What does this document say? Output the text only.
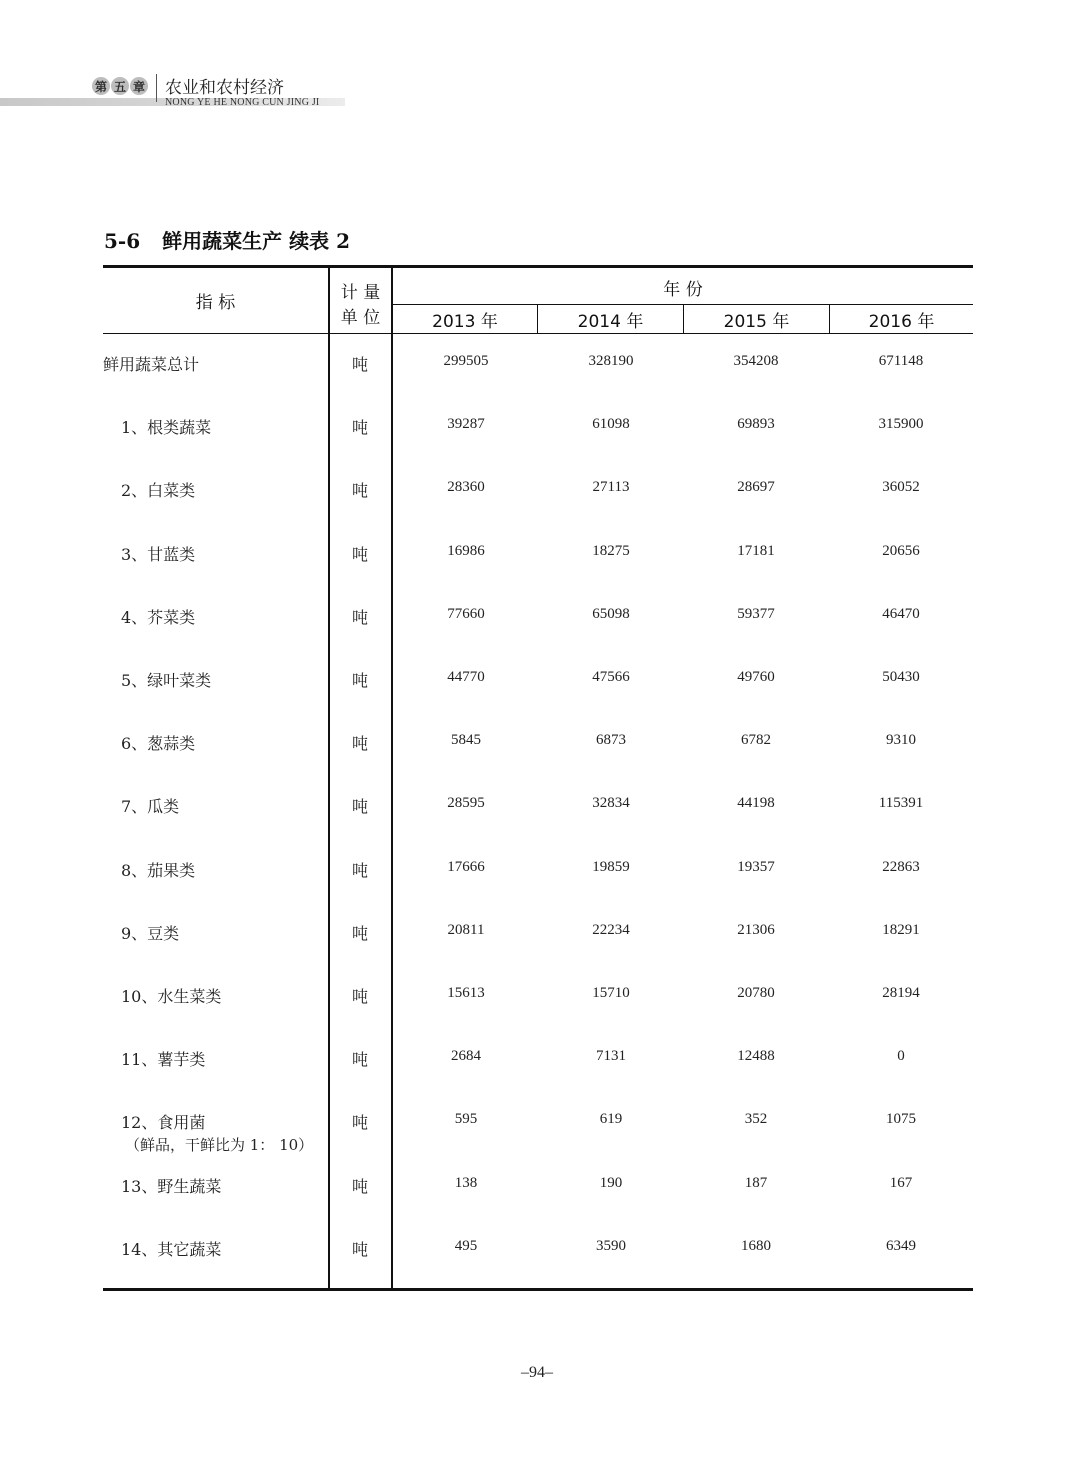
第 五 章 农业和农村经济
NONG YE HE NONG CUN JING JI
5-6 鲜用蔬菜生产 续表 2
指 标
计 量
单 位
年 份
2013 年	2014 年	2015 年	2016 年
鲜用蔬菜总计	吨	299505	328190	354208	671148
1、根类蔬菜	吨	39287	61098	69893	315900
2、白菜类	吨	28360	27113	28697	36052
3、甘蓝类	吨	16986	18275	17181	20656
4、芥菜类	吨	77660	65098	59377	46470
5、绿叶菜类	吨	44770	47566	49760	50430
6、葱蒜类	吨	5845	6873	6782	9310
7、瓜类	吨	28595	32834	44198	115391
8、茄果类	吨	17666	19859	19357	22863
9、豆类	吨	20811	22234	21306	18291
10、水生菜类	吨	15613	15710	20780	28194
11、薯芋类	吨	2684	7131	12488	0
12、食用菌
（鲜品，干鲜比为 1： 10）
吨	595	619	352	1075
13、野生蔬菜	吨	138	190	187	167
14、其它蔬菜	吨	495	3590	1680	6349
–94–
